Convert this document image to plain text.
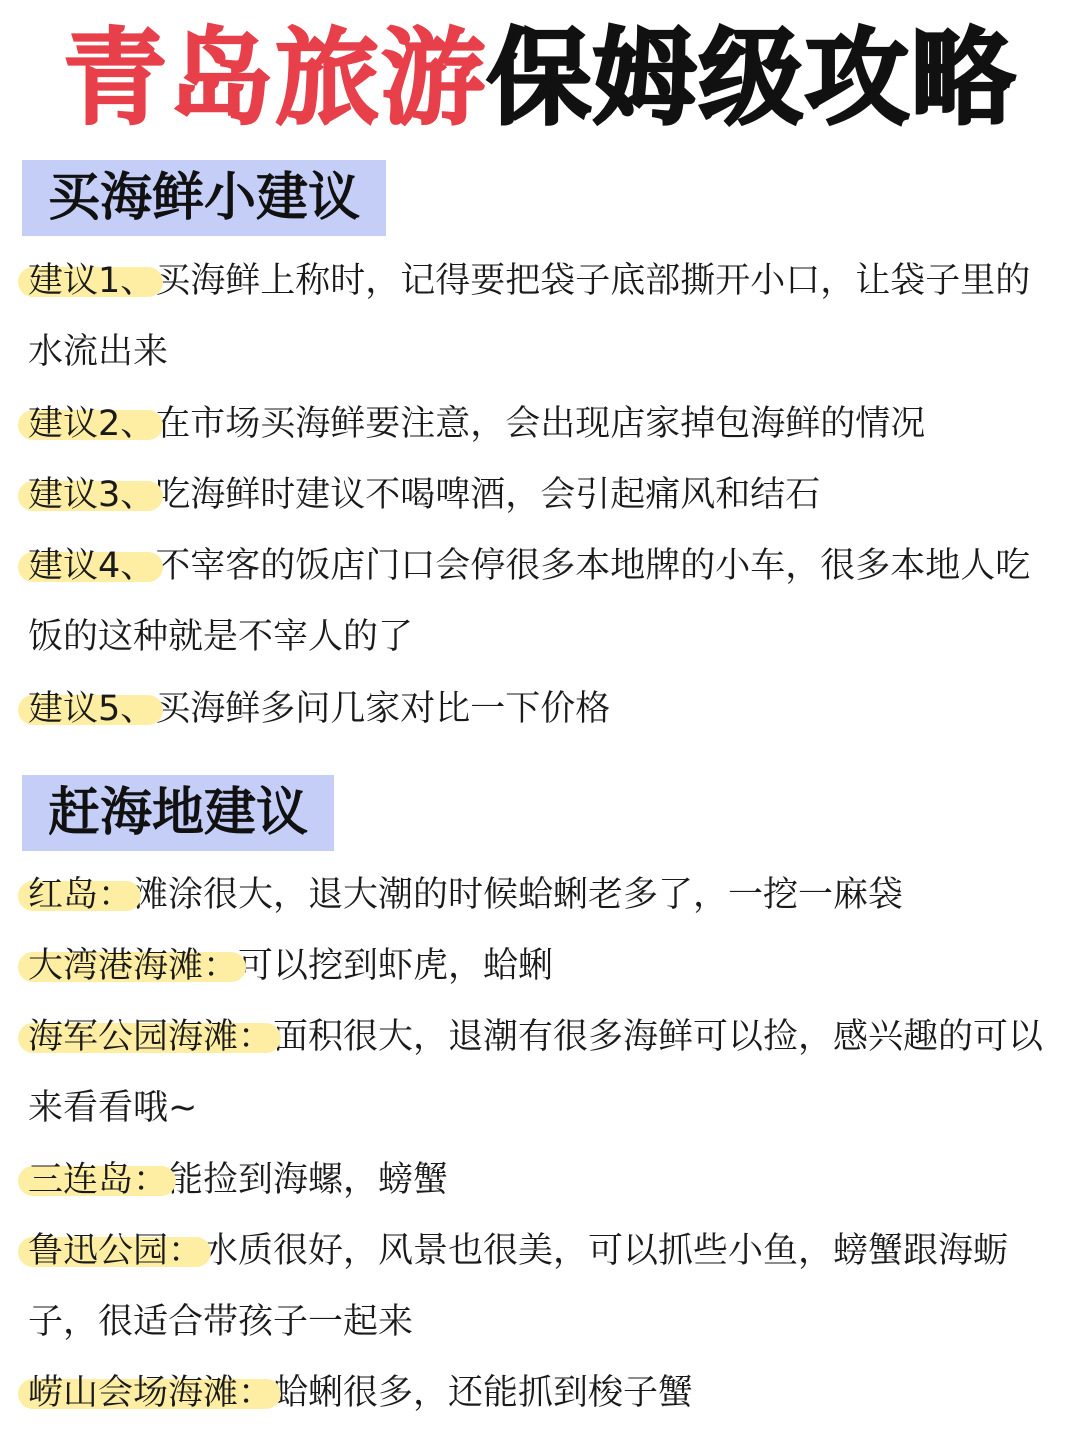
青岛旅游保姆级攻略
买海鲜小建议
建议1、买海鲜上称时，记得要把袋子底部撕开小口，让袋子里的水流出来
建议2、在市场买海鲜要注意，会出现店家掉包海鲜的情况
建议3、吃海鲜时建议不喝啤酒，会引起痛风和结石
建议4、不宰客的饭店门口会停很多本地牌的小车，很多本地人吃饭的这种就是不宰人的了
建议5、买海鲜多问几家对比一下价格
赶海地建议
红岛：滩涂很大，退大潮的时候蛤蜊老多了，一挖一麻袋
大湾港海滩：可以挖到虾虎，蛤蜊
海军公园海滩：面积很大，退潮有很多海鲜可以捡，感兴趣的可以来看看哦~
三连岛：能捡到海螺，螃蟹
鲁迅公园：水质很好，风景也很美，可以抓些小鱼，螃蟹跟海蛎子，很适合带孩子一起来
崂山会场海滩：蛤蜊很多，还能抓到梭子蟹
